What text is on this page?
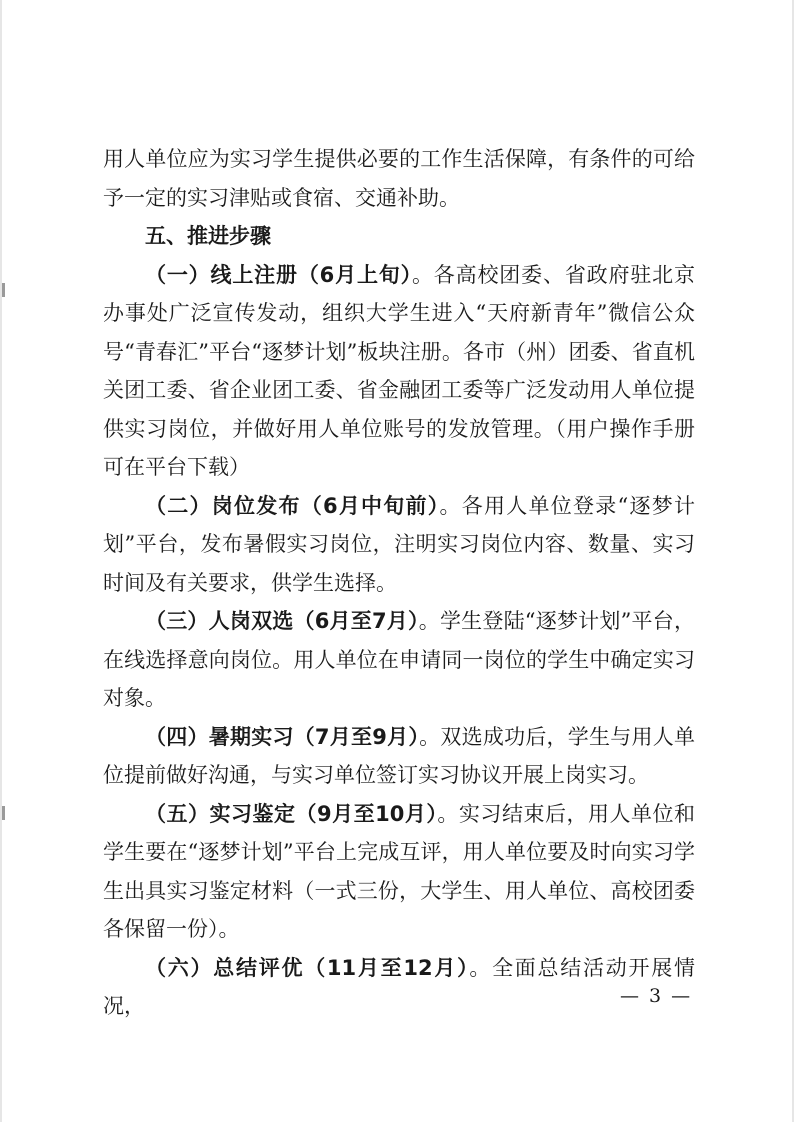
用人单位应为实习学生提供必要的工作生活保障，有条件的可给予一定的实习津贴或食宿、交通补助。

五、推进步骤

（一）线上注册（6月上旬）。各高校团委、省政府驻北京办事处广泛宣传发动，组织大学生进入“天府新青年”微信公众号“青春汇”平台“逐梦计划”板块注册。各市（州）团委、省直机关团工委、省企业团工委、省金融团工委等广泛发动用人单位提供实习岗位，并做好用人单位账号的发放管理。（用户操作手册可在平台下载）

（二）岗位发布（6月中旬前）。各用人单位登录“逐梦计划”平台，发布暑假实习岗位，注明实习岗位内容、数量、实习时间及有关要求，供学生选择。

（三）人岗双选（6月至7月）。学生登陆“逐梦计划”平台，在线选择意向岗位。用人单位在申请同一岗位的学生中确定实习对象。

（四）暑期实习（7月至9月）。双选成功后，学生与用人单位提前做好沟通，与实习单位签订实习协议开展上岗实习。

（五）实习鉴定（9月至10月）。实习结束后，用人单位和学生要在“逐梦计划”平台上完成互评，用人单位要及时向实习学生出具实习鉴定材料（一式三份，大学生、用人单位、高校团委各保留一份）。

（六）总结评优（11月至12月）。全面总结活动开展情况，	— 3 —
